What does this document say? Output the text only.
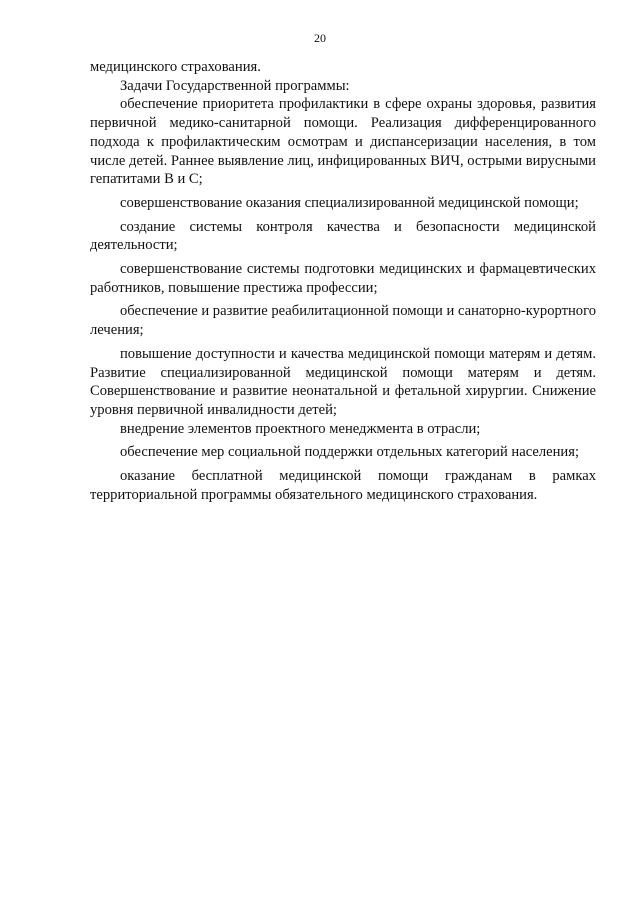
20

медицинского страхования.

Задачи Государственной программы:

обеспечение приоритета профилактики в сфере охраны здоровья, развития первичной медико-санитарной помощи. Реализация дифференцированного подхода к профилактическим осмотрам и диспансеризации населения, в том числе детей. Раннее выявление лиц, инфицированных ВИЧ, острыми вирусными гепатитами В и С;

совершенствование оказания специализированной медицинской помощи;

создание системы контроля качества и безопасности медицинской деятельности;

совершенствование системы подготовки медицинских и фармацевтических работников, повышение престижа профессии;

обеспечение и развитие реабилитационной помощи и санаторно-курортного лечения;

повышение доступности и качества медицинской помощи матерям и детям. Развитие специализированной медицинской помощи матерям и детям. Совершенствование и развитие неонатальной и фетальной хирургии. Снижение уровня первичной инвалидности детей;

внедрение элементов проектного менеджмента в отрасли;

обеспечение мер социальной поддержки отдельных категорий населения;

оказание бесплатной медицинской помощи гражданам в рамках территориальной программы обязательного медицинского страхования.
